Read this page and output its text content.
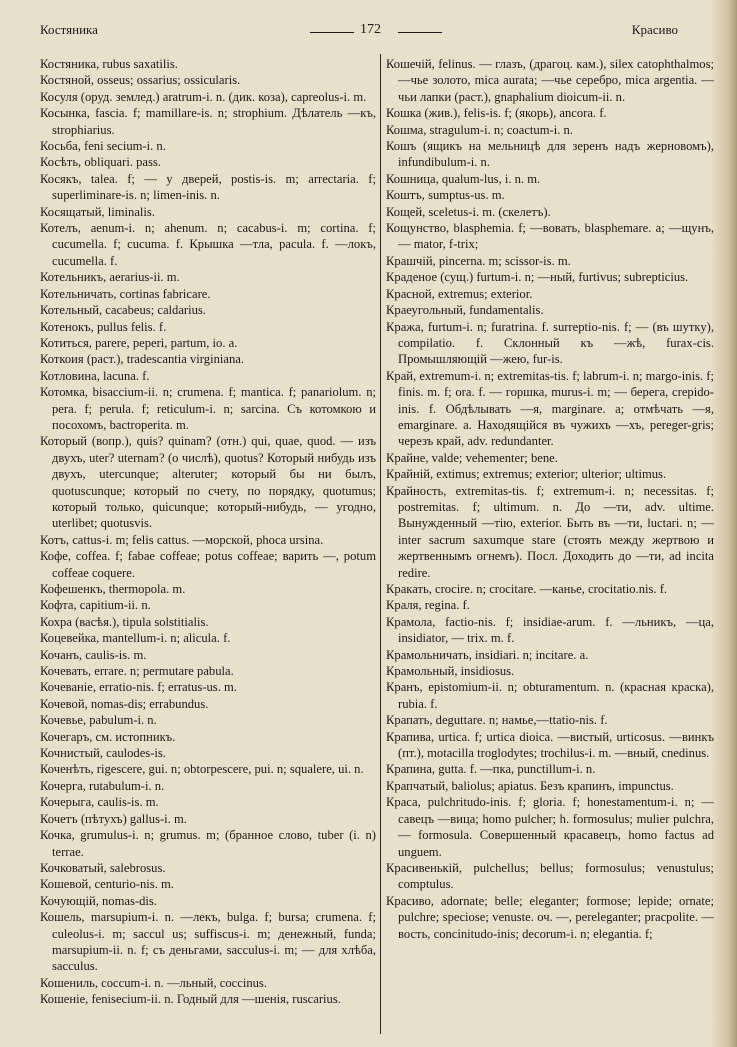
Костяника	172	Красиво
Костяника, rubus saxatilis.
Костяной, osseus; ossarius; ossicularis.
Косуля (оруд. землед.) aratrum-i. n. (дик. коза), capreolus-i. m.
Косынка, fascia. f; mamillare-is. n; strophium. Дѣлатель —къ, strophiarius.
Косьба, feni secium-i. n.
Косѣть, obliquari. pass.
Косякъ, talea. f; — у дверей, postis-is. m; arrectaria. f; superliminare-is. n; limen-inis. n.
Косящатый, liminalis.
Котелъ, aenum-i. n; ahenum. n; cacabus-i. m; cortina. f; cucumella. f; cucuma. f. Крышка —тла, pacula. f. —локъ, cucumella. f.
Котельникъ, aerarius-ii. m.
Котельничать, cortinas fabricare.
Котельный, cacabeus; caldarius.
Котенокъ, pullus felis. f.
Котиться, parere, peperi, partum, io. a.
Коткоия (раст.), tradescantia virginiana.
Котловина, lacuna. f.
Котомка, bisaccium-ii. n; crumena. f; mantica. f; panariolum. n; pera. f; perula. f; reticulum-i. n; sarcina. Съ котомкою и посохомъ, bactroperita. m.
Который (вопр.), quis? quinam? (отн.) qui, quae, quod. — изъ двухъ, uter? uternam? (о числѣ), quotus? Который нибудь изъ двухъ, utercunque; alteruter; который бы ни былъ, quotuscunque; который по счету, по порядку, quotumus; который только, quicunque; который-нибудь, — угодно, uterlibet; quotusvis.
Котъ, cattus-i. m; felis cattus. —морской, phoca ursina.
Кофе, coffea. f; fabae coffeae; potus coffeae; варить —, potum coffeae coquere.
Кофешенкъ, thermopola. m.
Кофта, capitium-ii. n.
Кохра (васѣя.), tipula solstitialis.
Коцевейка, mantellum-i. n; alicula. f.
Кочанъ, caulis-is. m.
Кочевать, errare. n; permutare pabula.
Кочеваніе, erratio-nis. f; erratus-us. m.
Кочевой, nomas-dis; errabundus.
Кочевье, pabulum-i. n.
Кочегаръ, см. истопникъ.
Кочнистый, caulodes-is.
Коченѣть, rigescere, gui. n; obtorpescere, pui. n; squalere, ui. n.
Кочерга, rutabulum-i. n.
Кочерыга, caulis-is. m.
Кочетъ (пѣтухъ) gallus-i. m.
Кочка, grumulus-i. n; grumus. m; (бранное слово, tuber (i. n) terrae.
Кочковатый, salebrosus.
Кошевой, centurio-nis. m.
Кочующій, nomas-dis.
Кошель, marsupium-i. n. —лекъ, bulga. f; bursa; crumena. f; culeolus-i. m; saccul us; suffiscus-i. m; денежный, funda; marsupium-ii. n. f; съ деньгами, sacculus-i. m; — для хлѣба, sacculus.
Кошениль, coccum-i. n. —льный, coccinus.
Кошеніе, fenisecium-ii. n. Годный для —шенія, ruscarius.
Кошечій, felinus. — глазъ, (драгоц. кам.), silex catophthalmos; —чье золото, mica aurata; —чье серебро, mica argentia. —чьи лапки (раст.), gnaphalium dioicum-ii. n.
Кошка (жив.), felis-is. f; (якорь), ancora. f.
Кошма, stragulum-i. n; coactum-i. n.
Кошъ (ящикъ на мельницѣ для зеренъ надъ жерновомъ), infundibulum-i. n.
Кошница, qualum-lus, i. n. m.
Коштъ, sumptus-us. m.
Кощей, sceletus-i. m. (скелетъ).
Кощунство, blasphemia. f; —вовать, blasphemare. a; —щунъ, — mator, f-trix;
Крашчій, pincerna. m; scissor-is. m.
Краденое (сущ.) furtum-i. n; —ный, furtivus; subrepticius.
Красной, extremus; exterior.
Краеугольный, fundamentalis.
Кража, furtum-i. n; furatrina. f. surreptio-nis. f; — (въ шутку), compilatio. f. Склонный къ —жѣ, furax-cis. Промышляющій —жею, fur-is.
Край, extremum-i. n; extremitas-tis. f; labrum-i. n; margo-inis. f; finis. m. f; ora. f. — горшка, murus-i. m; — берега, crepido-inis. f. Обдѣлывать —я, marginare. a; отмѣчать —я, emarginare. a. Находящійся въ чужихъ —хъ, pereger-gris; черезъ край, adv. redundanter.
Крайне, valde; vehementer; bene.
Крайній, extimus; extremus; exterior; ulterior; ultimus.
Крайность, extremitas-tis. f; extremum-i. n; necessitas. f; postremitas. f; ultimum. n. До —ти, adv. ultime. Вынужденный —тію, exterior. Быть въ —ти, luctari. n; — inter sacrum saxumque stare (стоять между жертвою и жертвеннымъ огнемъ). Посл. Доходить до —ти, ad incita redire.
Кракать, crocire. n; crocitare. —канье, crocitatio.nis. f.
Краля, regina. f.
Крамола, factio-nis. f; insidiae-arum. f. —льникъ, —ца, insidiator, — trix. m. f.
Крамольничать, insidiari. n; incitare. a.
Крамольный, insidiosus.
Кранъ, epistomium-ii. n; obturamentum. n. (красная краска), rubia. f.
Крапать, deguttare. n; намье,—ttatio-nis. f.
Крапива, urtica. f; urtica dioica. —вистый, urticosus. —винкъ (пт.), motacilla troglodytes; trochilus-i. m. —вный, cnedinus.
Крапина, gutta. f. —пка, punctillum-i. n.
Крапчатый, baliolus; apiatus. Безъ крапинъ, impunctus.
Краса, pulchritudo-inis. f; gloria. f; honestamentum-i. n; —савецъ —вица; homo pulcher; h. formosulus; mulier pulchra, — formosula. Совершенный красавецъ, homo factus ad unguem.
Красивенькій, pulchellus; bellus; formosulus; venustulus; comptulus.
Красиво, adornate; belle; eleganter; formose; lepide; ornate; pulchre; speciose; venuste. оч. —, pereleganter; pracpolite. —вость, concinitudo-inis; decorum-i. n; elegantia. f;
